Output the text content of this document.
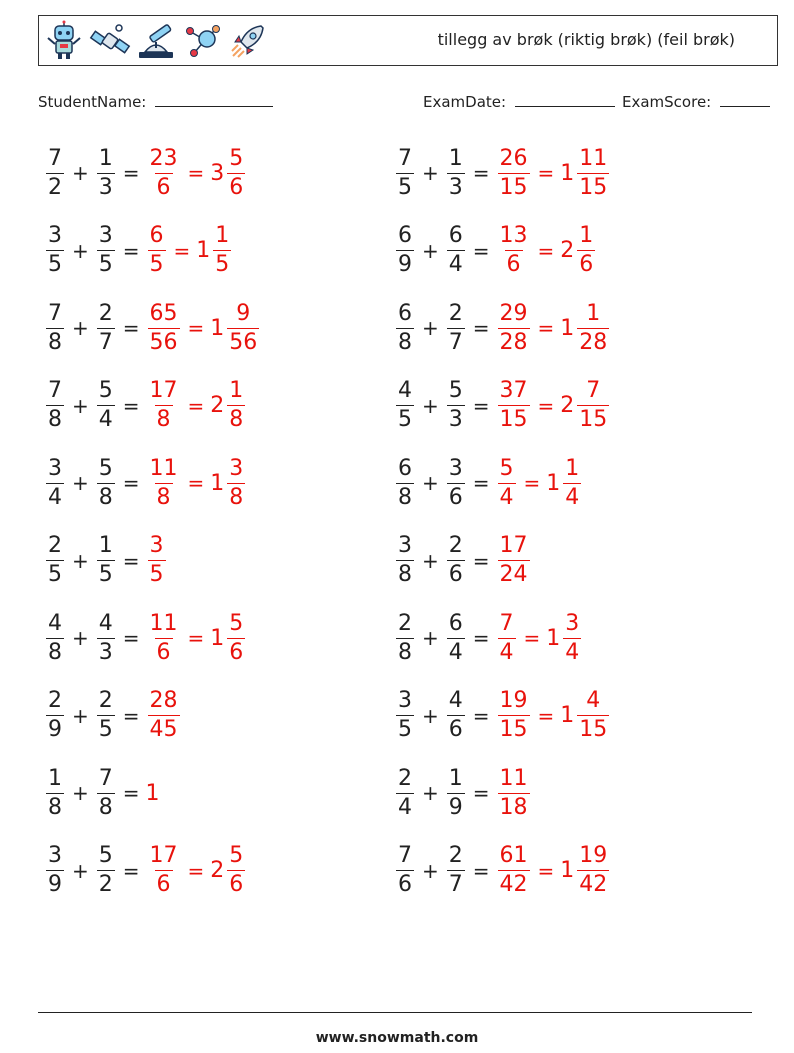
tillegg av brøk (riktig brøk) (feil brøk)
StudentName:	ExamDate:	ExamScore:
$\frac{7}{2} + \frac{1}{3} = \frac{23}{6} = 3 \frac{5}{6}$	$\frac{7}{5} + \frac{1}{3} = \frac{26}{15} = 1 \frac{11}{15}$
$\frac{3}{5} + \frac{3}{5} = \frac{6}{5} = 1 \frac{1}{5}$	$\frac{6}{9} + \frac{6}{4} = \frac{13}{6} = 2 \frac{1}{6}$
$\frac{7}{8} + \frac{2}{7} = \frac{65}{56} = 1 \frac{9}{56}$	$\frac{6}{8} + \frac{2}{7} = \frac{29}{28} = 1 \frac{1}{28}$
$\frac{7}{8} + \frac{5}{4} = \frac{17}{8} = 2 \frac{1}{8}$	$\frac{4}{5} + \frac{5}{3} = \frac{37}{15} = 2 \frac{7}{15}$
$\frac{3}{4} + \frac{5}{8} = \frac{11}{8} = 1 \frac{3}{8}$	$\frac{6}{8} + \frac{3}{6} = \frac{5}{4} = 1 \frac{1}{4}$
$\frac{2}{5} + \frac{1}{5} = \frac{3}{5}$	$\frac{3}{8} + \frac{2}{6} = \frac{17}{24}$
$\frac{4}{8} + \frac{4}{3} = \frac{11}{6} = 1 \frac{5}{6}$	$\frac{2}{8} + \frac{6}{4} = \frac{7}{4} = 1 \frac{3}{4}$
$\frac{2}{9} + \frac{2}{5} = \frac{28}{45}$	$\frac{3}{5} + \frac{4}{6} = \frac{19}{15} = 1 \frac{4}{15}$
$\frac{1}{8} + \frac{7}{8} = 1$	$\frac{2}{4} + \frac{1}{9} = \frac{11}{18}$
$\frac{3}{9} + \frac{5}{2} = \frac{17}{6} = 2 \frac{5}{6}$	$\frac{7}{6} + \frac{2}{7} = \frac{61}{42} = 1 \frac{19}{42}$
www.snowmath.com
